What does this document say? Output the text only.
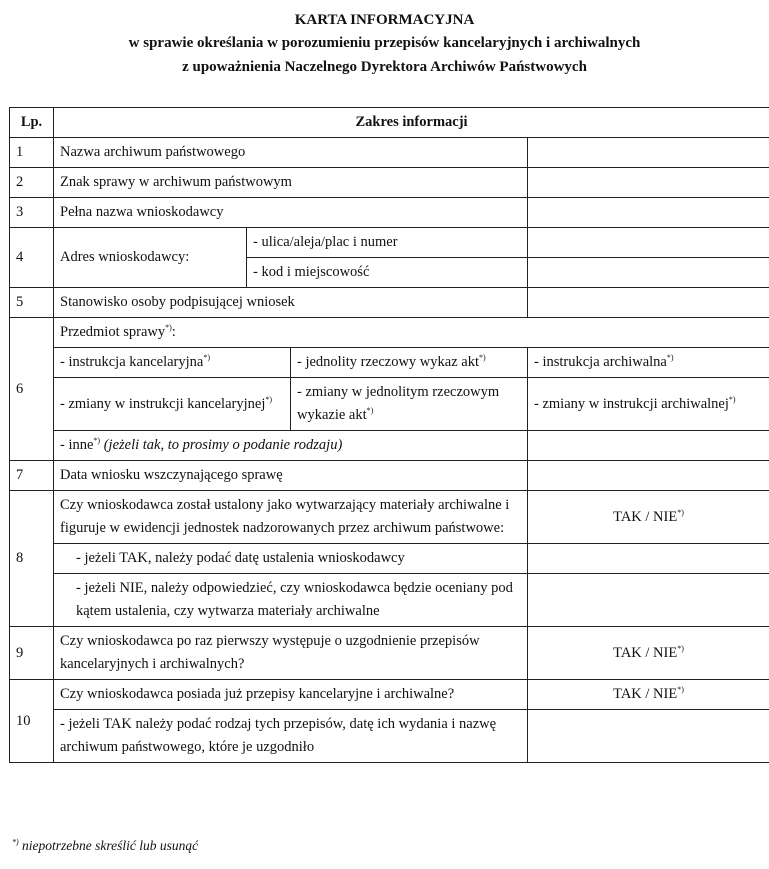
KARTA INFORMACYJNA
w sprawie określania w porozumieniu przepisów kancelaryjnych i archiwalnych
z upoważnienia Naczelnego Dyrektora Archiwów Państwowych
Lp.	Zakres informacji			
1	Nazwa archiwum państwowego			
2	Znak sprawy w archiwum państwowym			
3	Pełna nazwa wnioskodawcy			
4	Adres wnioskodawcy:	- ulica/aleja/plac i numer		
		- kod i miejscowość		
5	Stanowisko osoby podpisującej wniosek			
6	Przedmiot sprawy*):			
	- instrukcja kancelaryjna*)		- jednolity rzeczowy wykaz akt*)	- instrukcja archiwalna*)
	- zmiany w instrukcji kancelaryjnej*)		- zmiany w jednolitym rzeczowym wykazie akt*)	- zmiany w instrukcji archiwalnej*)
	- inne*) (jeżeli tak, to prosimy o podanie rodzaju)			
7	Data wniosku wszczynającego sprawę			
8	Czy wnioskodawca został ustalony jako wytwarzający materiały archiwalne i figuruje w ewidencji jednostek nadzorowanych przez archiwum państwowe:			TAK / NIE*)
	- jeżeli TAK, należy podać datę ustalenia wnioskodawcy			
	- jeżeli NIE, należy odpowiedzieć, czy wnioskodawca będzie oceniany pod kątem ustalenia, czy wytwarza materiały archiwalne			
9	Czy wnioskodawca po raz pierwszy występuje o uzgodnienie przepisów kancelaryjnych i archiwalnych?			TAK / NIE*)
10	Czy wnioskodawca posiada już przepisy kancelaryjne i archiwalne?			TAK / NIE*)
	- jeżeli TAK należy podać rodzaj tych przepisów, datę ich wydania i nazwę archiwum państwowego, które je uzgodniło			
*) niepotrzebne skreślić lub usunąć
